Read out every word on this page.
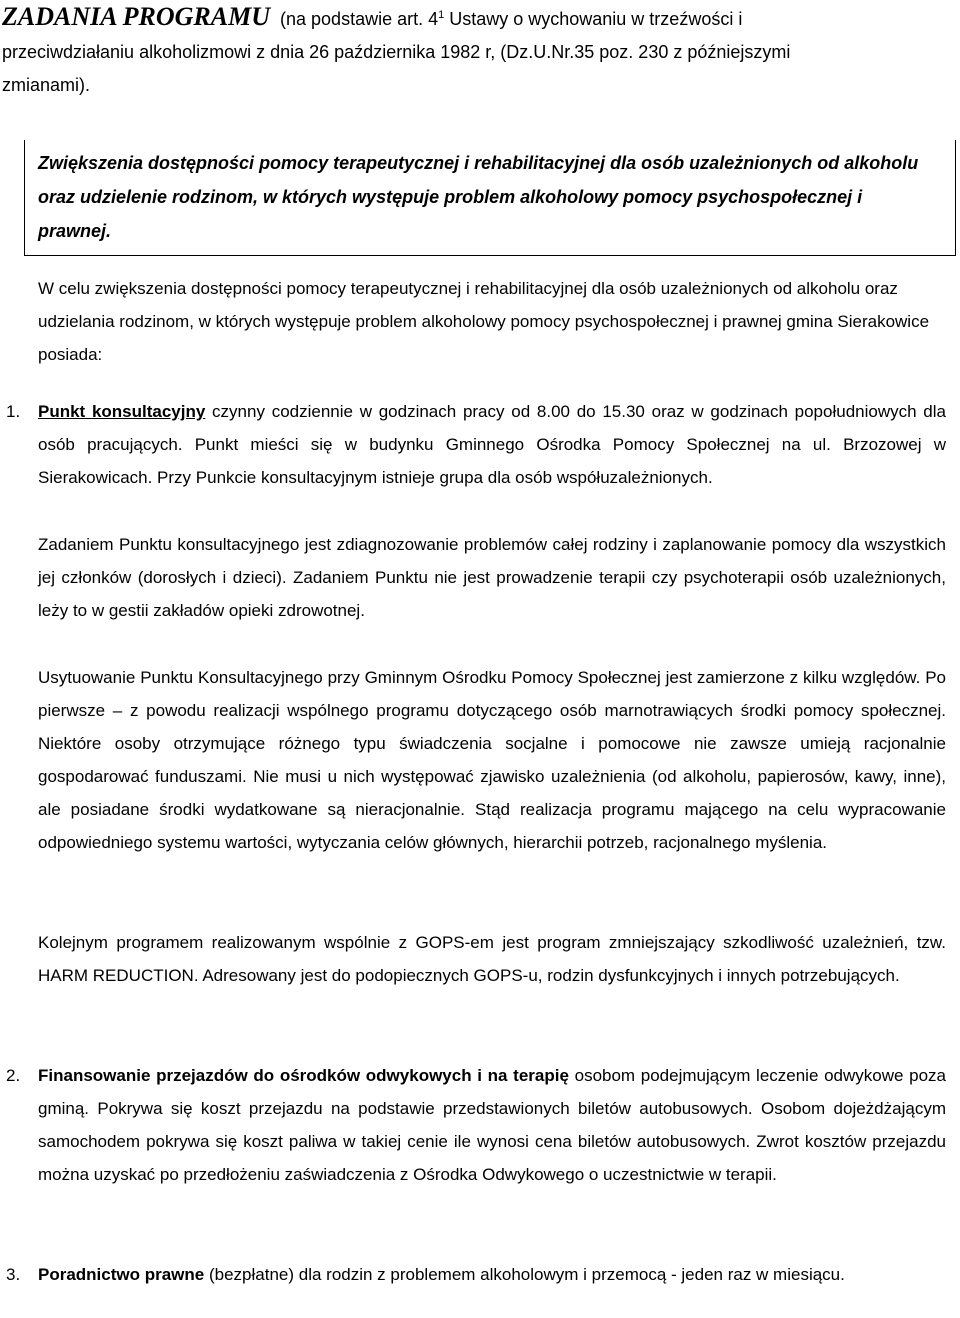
ZADANIA PROGRAMU (na podstawie art. $4^1$ Ustawy o wychowaniu w trzeźwości i
przeciwdziałaniu alkoholizmowi z dnia 26 października 1982 r, (Dz.U.Nr.35 poz. 230 z późniejszymi
zmianami).

Zwiększenia dostępności pomocy terapeutycznej i rehabilitacyjnej dla osób uzależnionych od alkoholu oraz udzielenie rodzinom, w których występuje problem alkoholowy pomocy psychospołecznej i prawnej.

W celu zwiększenia dostępności pomocy terapeutycznej i rehabilitacyjnej dla osób uzależnionych od alkoholu oraz udzielania rodzinom, w których występuje problem alkoholowy pomocy psychospołecznej i prawnej gmina Sierakowice posiada:

1. Punkt konsultacyjny czynny codziennie w godzinach pracy od 8.00 do 15.30 oraz w godzinach popołudniowych dla osób pracujących. Punkt mieści się w budynku Gminnego Ośrodka Pomocy Społecznej na ul. Brzozowej w Sierakowicach. Przy Punkcie konsultacyjnym istnieje grupa dla osób współuzależnionych.

Zadaniem Punktu konsultacyjnego jest zdiagnozowanie problemów całej rodziny i zaplanowanie pomocy dla wszystkich jej członków (dorosłych i dzieci). Zadaniem Punktu nie jest prowadzenie terapii czy psychoterapii osób uzależnionych, leży to w gestii zakładów opieki zdrowotnej.

Usytuowanie Punktu Konsultacyjnego przy Gminnym Ośrodku Pomocy Społecznej jest zamierzone z kilku względów. Po pierwsze – z powodu realizacji wspólnego programu dotyczącego osób marnotrawiących środki pomocy społecznej. Niektóre osoby otrzymujące różnego typu świadczenia socjalne i pomocowe nie zawsze umieją racjonalnie gospodarować funduszami. Nie musi u nich występować zjawisko uzależnienia (od alkoholu, papierosów, kawy, inne), ale posiadane środki wydatkowane są nieracjonalnie. Stąd realizacja programu mającego na celu wypracowanie odpowiedniego systemu wartości, wytyczania celów głównych, hierarchii potrzeb, racjonalnego myślenia.

Kolejnym programem realizowanym wspólnie z GOPS-em jest program zmniejszający szkodliwość uzależnień, tzw. HARM REDUCTION. Adresowany jest do podopiecznych GOPS-u, rodzin dysfunkcyjnych i innych potrzebujących.

2. Finansowanie przejazdów do ośrodków odwykowych i na terapię osobom podejmującym leczenie odwykowe poza gminą. Pokrywa się koszt przejazdu na podstawie przedstawionych biletów autobusowych. Osobom dojeżdżającym samochodem pokrywa się koszt paliwa w takiej cenie ile wynosi cena biletów autobusowych. Zwrot kosztów przejazdu można uzyskać po przedłożeniu zaświadczenia z Ośrodka Odwykowego o uczestnictwie w terapii.

3. Poradnictwo prawne (bezpłatne) dla rodzin z problemem alkoholowym i przemocą - jeden raz w miesiącu.
